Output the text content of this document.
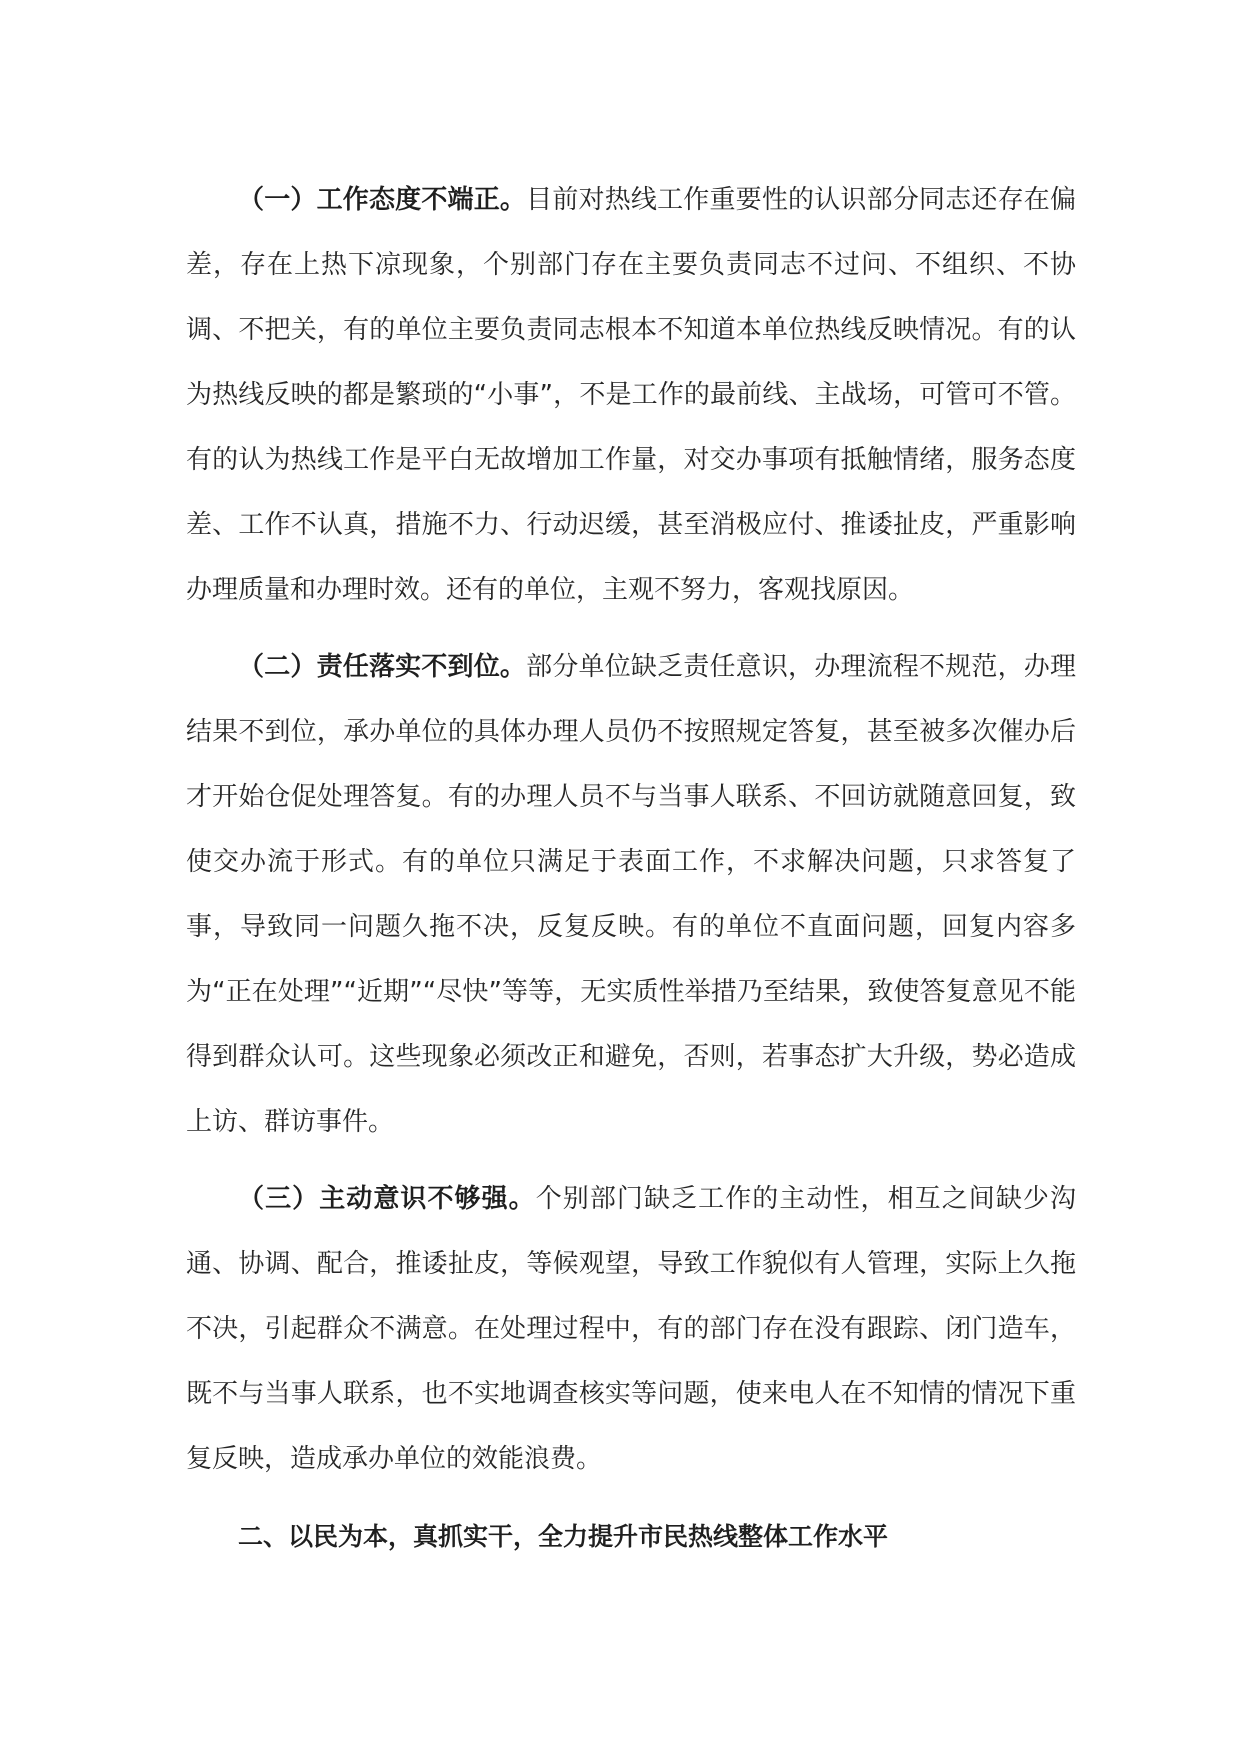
（一）工作态度不端正。目前对热线工作重要性的认识部分同志还存在偏差，存在上热下凉现象，个别部门存在主要负责同志不过问、不组织、不协调、不把关，有的单位主要负责同志根本不知道本单位热线反映情况。有的认为热线反映的都是繁琐的“小事”，不是工作的最前线、主战场，可管可不管。有的认为热线工作是平白无故增加工作量，对交办事项有抵触情绪，服务态度差、工作不认真，措施不力、行动迟缓，甚至消极应付、推诿扯皮，严重影响办理质量和办理时效。还有的单位，主观不努力，客观找原因。

（二）责任落实不到位。部分单位缺乏责任意识，办理流程不规范，办理结果不到位，承办单位的具体办理人员仍不按照规定答复，甚至被多次催办后才开始仓促处理答复。有的办理人员不与当事人联系、不回访就随意回复，致使交办流于形式。有的单位只满足于表面工作，不求解决问题，只求答复了事，导致同一问题久拖不决，反复反映。有的单位不直面问题，回复内容多为“正在处理”“近期”“尽快”等等，无实质性举措乃至结果，致使答复意见不能得到群众认可。这些现象必须改正和避免，否则，若事态扩大升级，势必造成上访、群访事件。

（三）主动意识不够强。个别部门缺乏工作的主动性，相互之间缺少沟通、协调、配合，推诿扯皮，等候观望，导致工作貌似有人管理，实际上久拖不决，引起群众不满意。在处理过程中，有的部门存在没有跟踪、闭门造车，既不与当事人联系，也不实地调查核实等问题，使来电人在不知情的情况下重复反映，造成承办单位的效能浪费。

二、以民为本，真抓实干，全力提升市民热线整体工作水平
